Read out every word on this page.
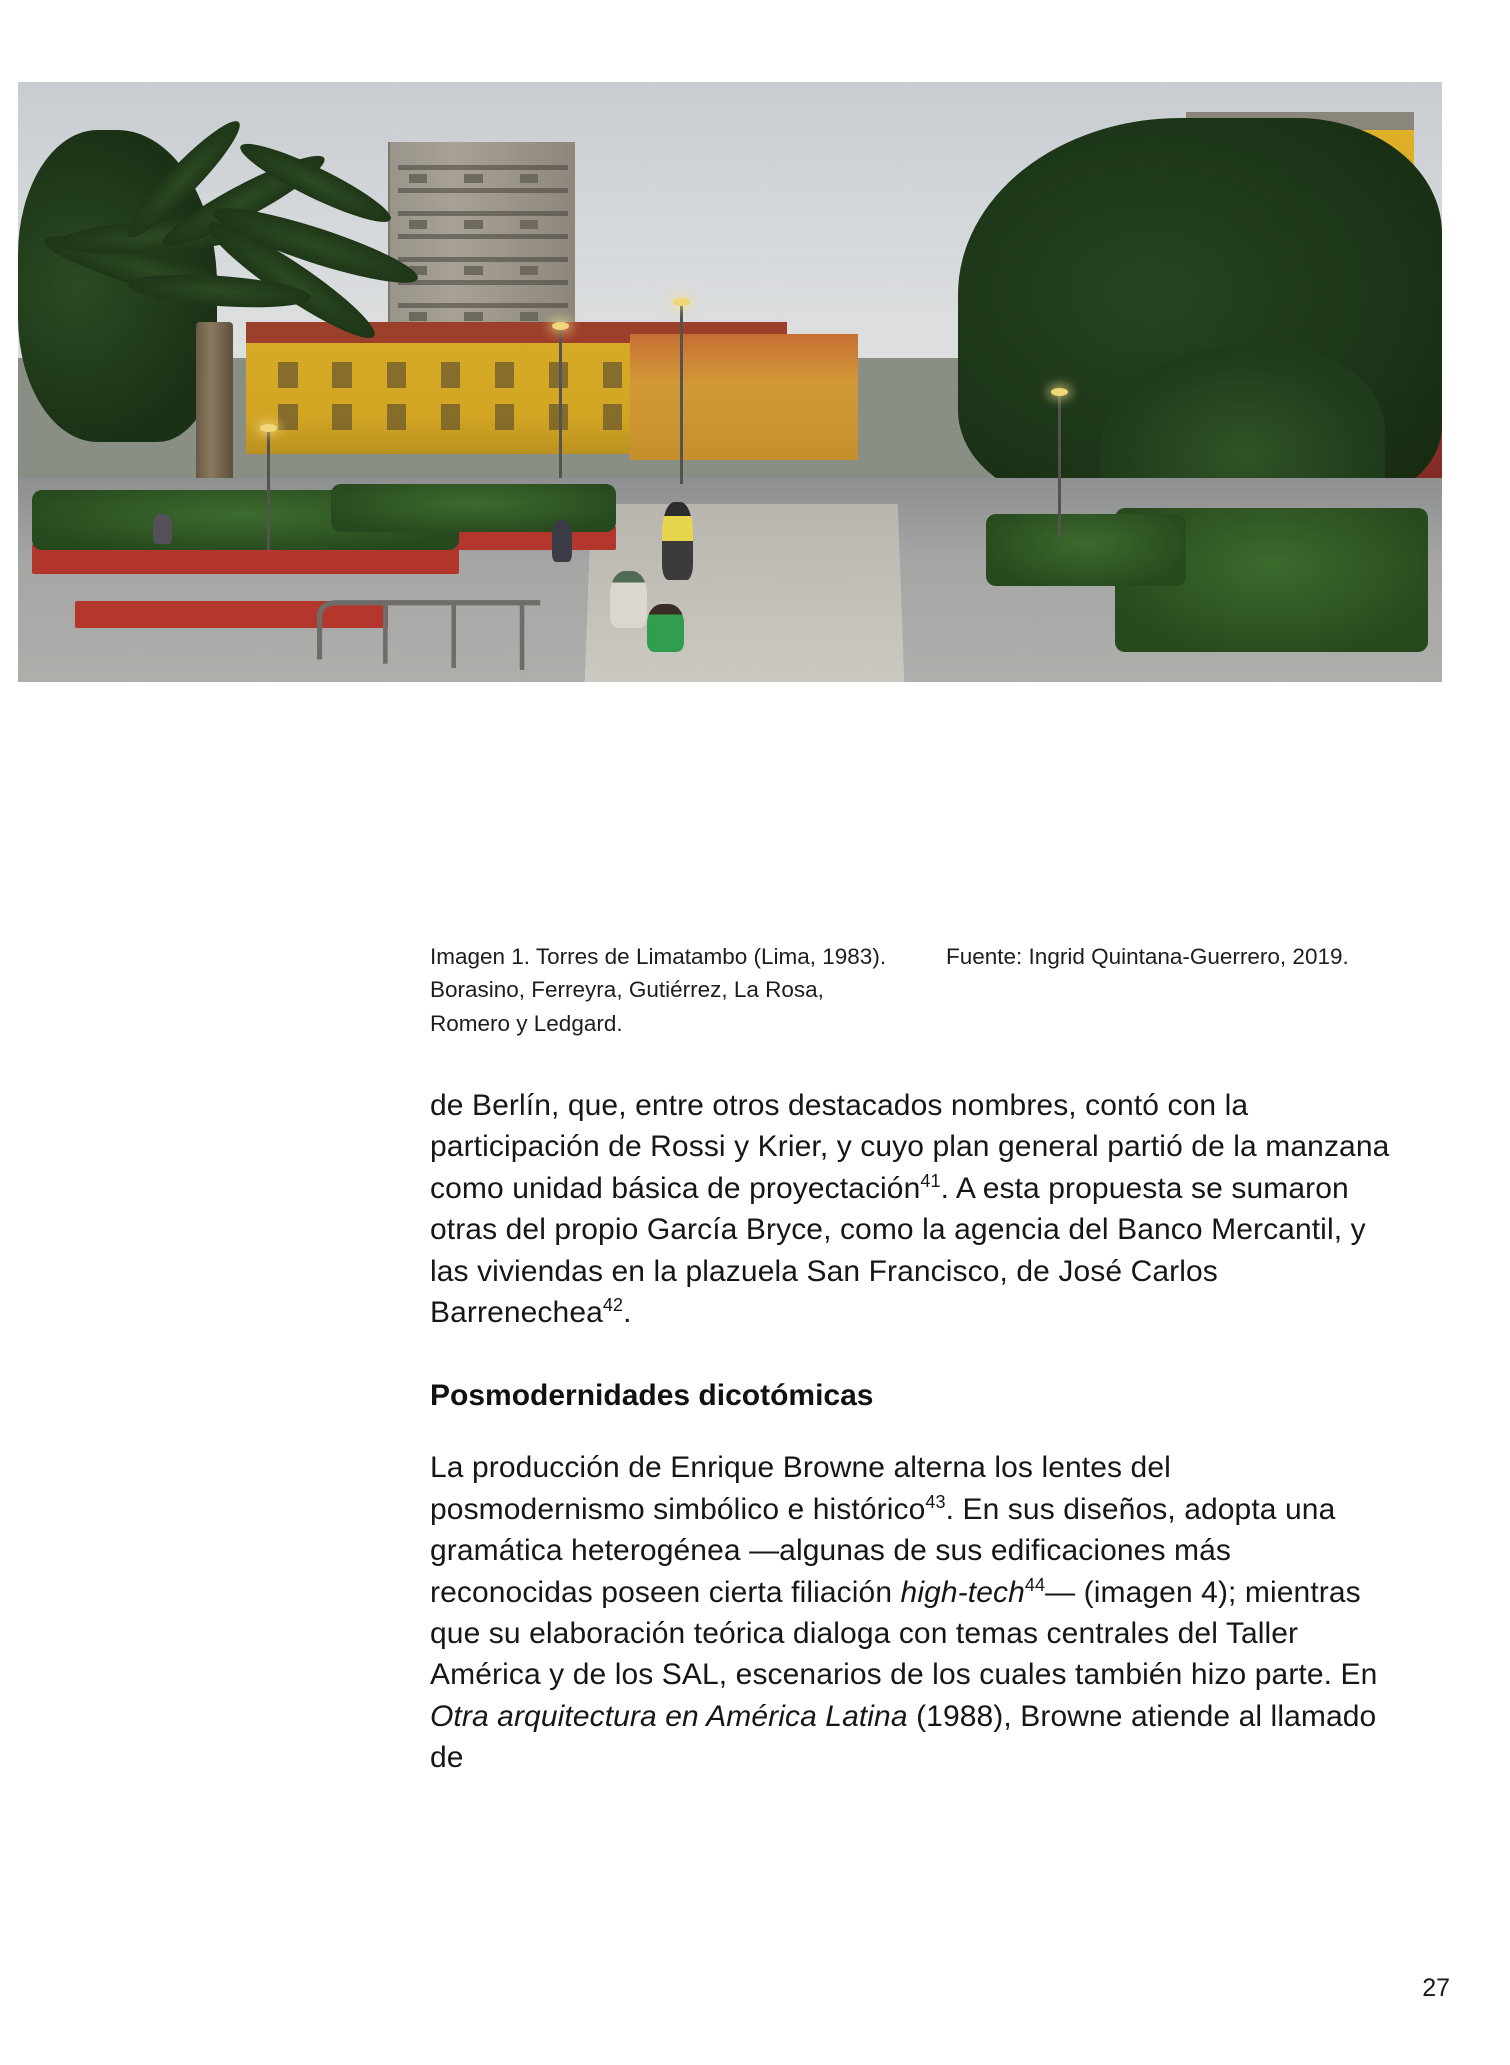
Imagen 1. Torres de Limatambo (Lima, 1983). Borasino, Ferreyra, Gutiérrez, La Rosa, Romero y Ledgard.
Fuente: Ingrid Quintana-Guerrero, 2019.

de Berlín, que, entre otros destacados nombres, contó con la participación de Rossi y Krier, y cuyo plan general partió de la manzana como unidad básica de proyectación$^{41}$. A esta propuesta se sumaron otras del propio García Bryce, como la agencia del Banco Mercantil, y las viviendas en la plazuela San Francisco, de José Carlos Barrenechea$^{42}$.

Posmodernidades dicotómicas

La producción de Enrique Browne alterna los lentes del posmodernismo simbólico e histórico$^{43}$. En sus diseños, adopta una gramática heterogénea —algunas de sus edificaciones más reconocidas poseen cierta filiación high-tech$^{44}$— (imagen 4); mientras que su elaboración teórica dialoga con temas centrales del Taller América y de los SAL, escenarios de los cuales también hizo parte. En Otra arquitectura en América Latina (1988), Browne atiende al llamado de

27
